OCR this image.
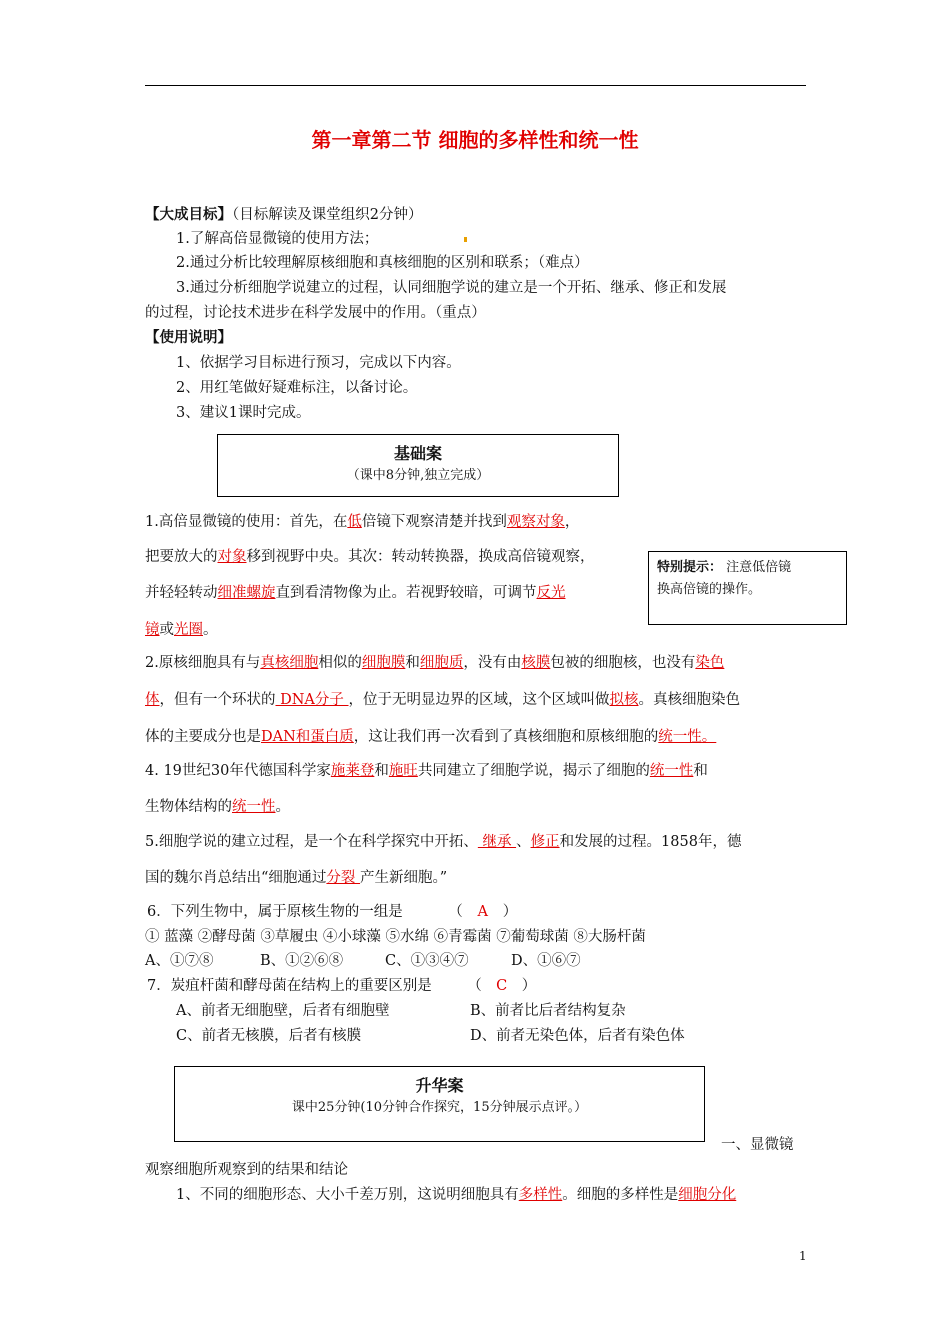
第一章第二节 细胞的多样性和统一性
【大成目标】（目标解读及课堂组织2分钟）
1.了解高倍显微镜的使用方法；
2.通过分析比较理解原核细胞和真核细胞的区别和联系；（难点）
3.通过分析细胞学说建立的过程，认同细胞学说的建立是一个开拓、继承、修正和发展
的过程，讨论技术进步在科学发展中的作用。（重点）
【使用说明】
1、依据学习目标进行预习，完成以下内容。
2、用红笔做好疑难标注，以备讨论。
3、建议1课时完成。
基础案
（课中8分钟,独立完成）
1.高倍显微镜的使用：首先，在低倍镜下观察清楚并找到观察对象，
把要放大的对象移到视野中央。其次：转动转换器，换成高倍镜观察，
并轻轻转动细准螺旋直到看清物像为止。若视野较暗，可调节反光
镜或光圈。
特别提示： 注意低倍镜
换高倍镜的操作。
2.原核细胞具有与真核细胞相似的细胞膜和细胞质，没有由核膜包被的细胞核，也没有染色
体，但有一个环状的 DNA分子 ，位于无明显边界的区域，这个区域叫做拟核。真核细胞染色
体的主要成分也是DAN和蛋白质，这让我们再一次看到了真核细胞和原核细胞的统一性。
4. 19世纪30年代德国科学家施莱登和施旺共同建立了细胞学说，揭示了细胞的统一性和
生物体结构的统一性。
5.细胞学说的建立过程，是一个在科学探究中开拓、 继承 、修正和发展的过程。1858年，德
国的魏尔肖总结出“细胞通过分裂 产生新细胞。”
6．下列生物中，属于原核生物的一组是	（ A ）
① 蓝藻 ②酵母菌 ③草履虫 ④小球藻 ⑤水绵 ⑥青霉菌 ⑦葡萄球菌 ⑧大肠杆菌
A、①⑦⑧	B、①②⑥⑧	C、①③④⑦	D、①⑥⑦
7．炭疽杆菌和酵母菌在结构上的重要区别是 （ C ）
A、前者无细胞壁，后者有细胞壁	B、前者比后者结构复杂
C、前者无核膜，后者有核膜	D、前者无染色体，后者有染色体
升华案
课中25分钟(10分钟合作探究，15分钟展示点评。）
一、显微镜
观察细胞所观察到的结果和结论
1、不同的细胞形态、大小千差万别，这说明细胞具有多样性。细胞的多样性是细胞分化
1
